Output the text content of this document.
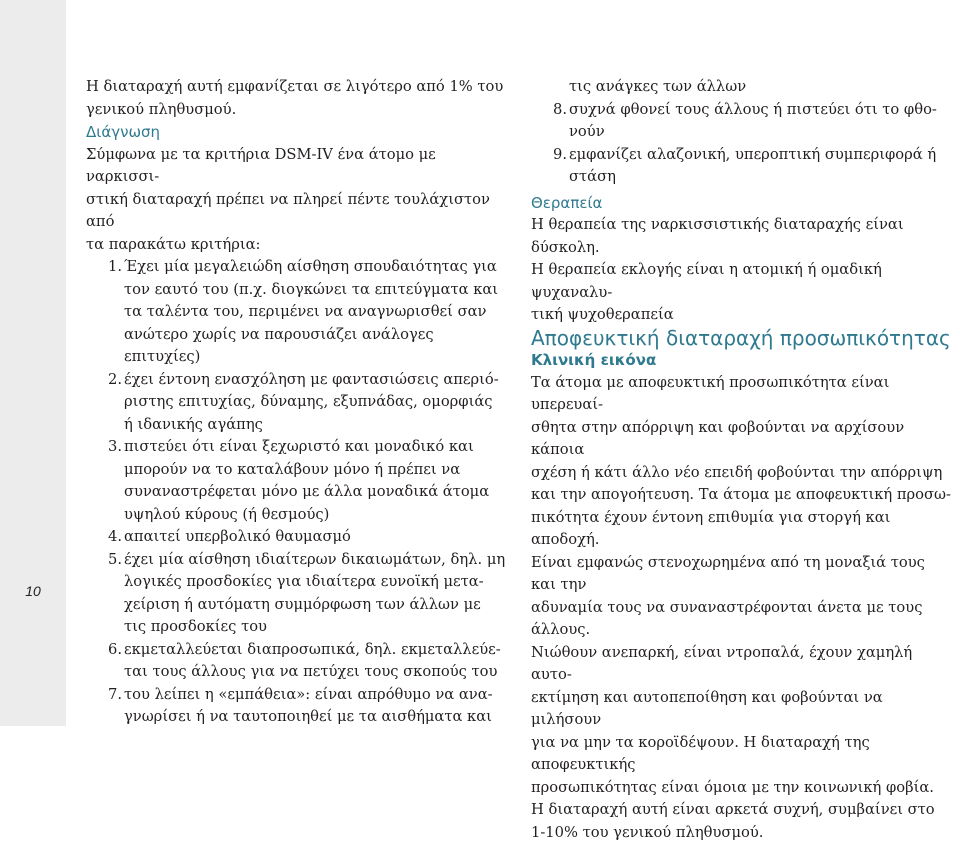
10

Η διαταραχή αυτή εμφανίζεται σε λιγότερο από 1% του

γενικού πληθυσμού.

Διάγνωση

Σύμφωνα με τα κριτήρια DSM-IV ένα άτομο με ναρκισσι-

στική διαταραχή πρέπει να πληρεί πέντε τουλάχιστον από

τα παρακάτω κριτήρια:

1. Έχει μία μεγαλειώδη αίσθηση σπουδαιότητας για

τον εαυτό του (π.χ. διογκώνει τα επιτεύγματα και

τα ταλέντα του, περιμένει να αναγνωρισθεί σαν

ανώτερο χωρίς να παρουσιάζει ανάλογες επιτυχίες)

2. έχει έντονη ενασχόληση με φαντασιώσεις απεριό-

ριστης επιτυχίας, δύναμης, εξυπνάδας, ομορφιάς

ή ιδανικής αγάπης

3. πιστεύει ότι είναι ξεχωριστό και μοναδικό και

μπορούν να το καταλάβουν μόνο ή πρέπει να

συναναστρέφεται μόνο με άλλα μοναδικά άτομα

υψηλού κύρους (ή θεσμούς)

4. απαιτεί υπερβολικό θαυμασμό

5. έχει μία αίσθηση ιδιαίτερων δικαιωμάτων, δηλ. μη

λογικές προσδοκίες για ιδιαίτερα ευνοϊκή μετα-

χείριση ή αυτόματη συμμόρφωση των άλλων με

τις προσδοκίες του

6. εκμεταλλεύεται διαπροσωπικά, δηλ. εκμεταλλεύε-

ται τους άλλους για να πετύχει τους σκοπούς του

7. του λείπει η «εμπάθεια»: είναι απρόθυμο να ανα-

γνωρίσει ή να ταυτοποιηθεί με τα αισθήματα και

τις ανάγκες των άλλων

8. συχνά φθονεί τους άλλους ή πιστεύει ότι το φθο-

νούν

9. εμφανίζει αλαζονική, υπεροπτική συμπεριφορά ή

στάση

Θεραπεία

Η θεραπεία της ναρκισσιστικής διαταραχής είναι δύσκολη.

Η θεραπεία εκλογής είναι η ατομική ή ομαδική ψυχαναλυ-

τική ψυχοθεραπεία

Αποφευκτική διαταραχή προσωπικότητας

Κλινική εικόνα

Τα άτομα με αποφευκτική προσωπικότητα είναι υπερευαί-

σθητα στην απόρριψη και φοβούνται να αρχίσουν κάποια

σχέση ή κάτι άλλο νέο επειδή φοβούνται την απόρριψη

και την απογοήτευση. Τα άτομα με αποφευκτική προσω-

πικότητα έχουν έντονη επιθυμία για στοργή και αποδοχή.

Είναι εμφανώς στενοχωρημένα από τη μοναξιά τους και την

αδυναμία τους να συναναστρέφονται άνετα με τους άλλους.

Νιώθουν ανεπαρκή, είναι ντροπαλά, έχουν χαμηλή αυτο-

εκτίμηση και αυτοπεποίθηση και φοβούνται να μιλήσουν

για να μην τα κοροϊδέψουν. Η διαταραχή της αποφευκτικής

προσωπικότητας είναι όμοια με την κοινωνική φοβία.

Η διαταραχή αυτή είναι αρκετά συχνή, συμβαίνει στο

1-10% του γενικού πληθυσμού.
